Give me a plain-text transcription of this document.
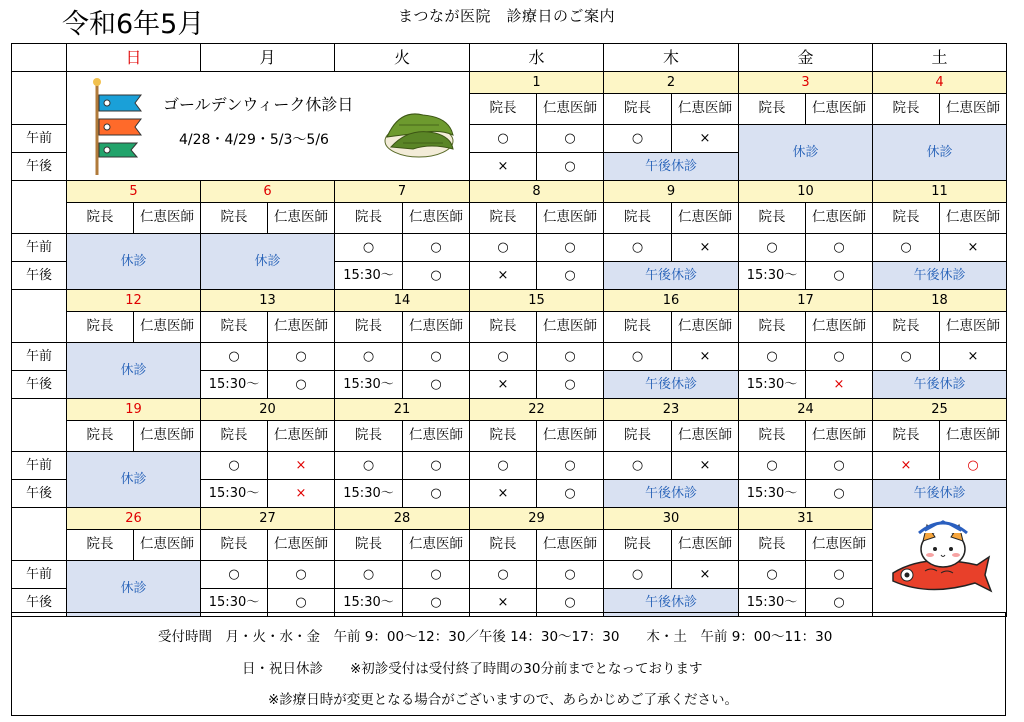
令和6年5月	まつなが医院　診療日のご案内
	日		月		火		水		木		金		土	

	ゴールデンウィーク休診日
4/28・4/29・5/3〜5/6						1		2		3		4	
							院長	仁恵医師	院長	仁恵医師	院長	仁恵医師	院長	仁恵医師
午前							○	○	○	×	休診		休診	
午後							×	○	午後休診					
	5		6		7		8		9		10		11	
	院長	仁恵医師	院長	仁恵医師	院長	仁恵医師	院長	仁恵医師	院長	仁恵医師	院長	仁恵医師	院長	仁恵医師
午前	休診		休診		○	○	○	○	○	×	○	○	○	×
午後					15:30〜	○	×	○	午後休診		15:30〜	○	午後休診	
	12		13		14		15		16		17		18	
	院長	仁恵医師	院長	仁恵医師	院長	仁恵医師	院長	仁恵医師	院長	仁恵医師	院長	仁恵医師	院長	仁恵医師
午前	休診		○	○	○	○	○	○	○	×	○	○	○	×
午後			15:30〜	○	15:30〜	○	×	○	午後休診		15:30〜	×	午後休診	
	19		20		21		22		23		24		25	
	院長	仁恵医師	院長	仁恵医師	院長	仁恵医師	院長	仁恵医師	院長	仁恵医師	院長	仁恵医師	院長	仁恵医師
午前	休診		○	×	○	○	○	○	○	×	○	○	×	○
午後			15:30〜	×	15:30〜	○	×	○	午後休診		15:30〜	○	午後休診	
	26		27		28		29		30		31	
	院長	仁恵医師	院長	仁恵医師	院長	仁恵医師	院長	仁恵医師	院長	仁恵医師	院長	仁恵医師		
午前	休診		○	○	○	○	○	○	○	×	○	○		
午後			15:30〜	○	15:30〜	○	×	○	午後休診		15:30〜	○		
受付時間　月・火・水・金　午前 9：00〜12：30／午後 14：30〜17：30　　木・土　午前 9：00〜11：30
日・祝日休診　　※初診受付は受付終了時間の30分前までとなっております
※診療日時が変更となる場合がございますので、あらかじめご了承ください。
